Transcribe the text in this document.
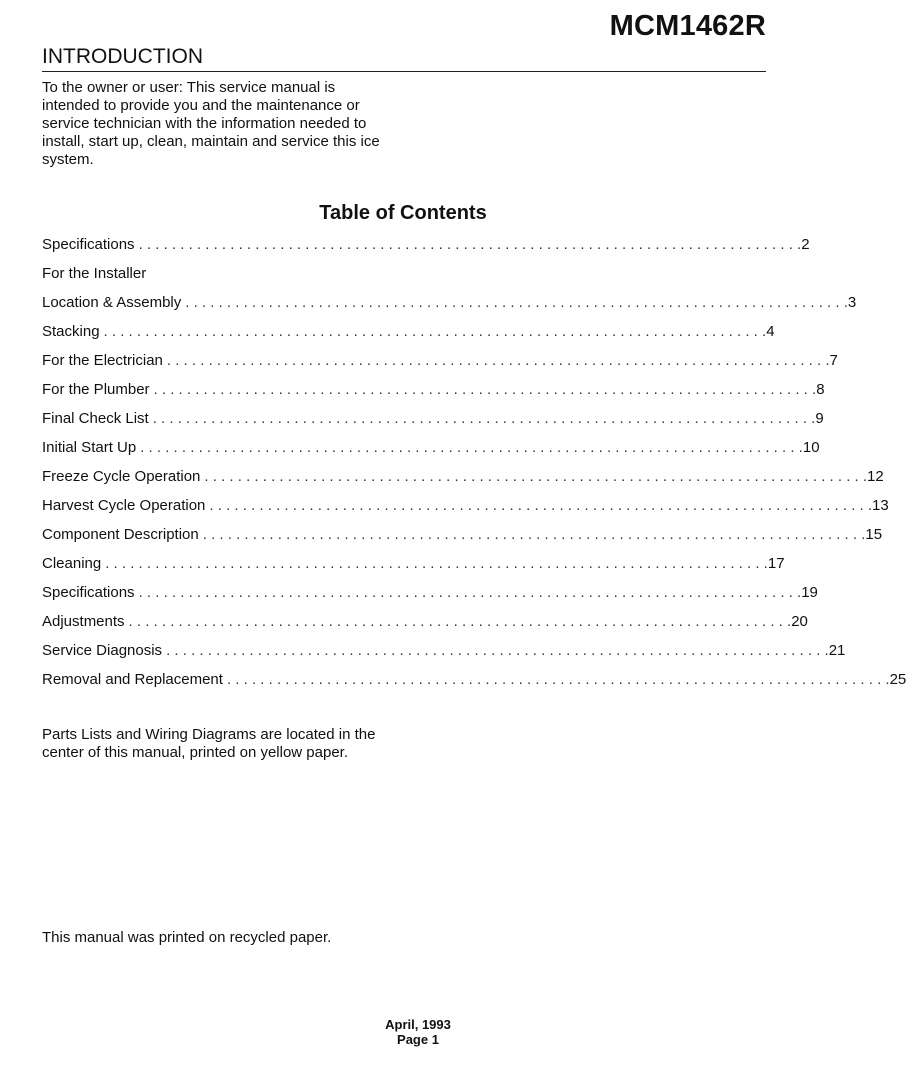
MCM1462R
INTRODUCTION

To the owner or user: This service manual is intended to provide you and the maintenance or service technician with the information needed to install, start up, clean, maintain and service this ice system.

Table of Contents
Specifications . . . . . . . . . . . . . . . . . . . . . . . . . . . . . . . . . . . . . . . . . . . . . . . . . . . . . . . . . . . . . . . . . . . . . . . . . . . . . . . . 2
For the Installer
Location & Assembly . . . . . . . . . . . . . . . . . . . . . . . . . . . . . . . . . . . . . . . . . . . . . . . . . . . . . . . . . . . . . . . . . . . . . . . . . . . . . . . . 3
Stacking . . . . . . . . . . . . . . . . . . . . . . . . . . . . . . . . . . . . . . . . . . . . . . . . . . . . . . . . . . . . . . . . . . . . . . . . . . . . . . . . 4
For the Electrician . . . . . . . . . . . . . . . . . . . . . . . . . . . . . . . . . . . . . . . . . . . . . . . . . . . . . . . . . . . . . . . . . . . . . . . . . . . . . . . . 7
For the Plumber . . . . . . . . . . . . . . . . . . . . . . . . . . . . . . . . . . . . . . . . . . . . . . . . . . . . . . . . . . . . . . . . . . . . . . . . . . . . . . . . 8
Final Check List . . . . . . . . . . . . . . . . . . . . . . . . . . . . . . . . . . . . . . . . . . . . . . . . . . . . . . . . . . . . . . . . . . . . . . . . . . . . . . . . 9
Initial Start Up . . . . . . . . . . . . . . . . . . . . . . . . . . . . . . . . . . . . . . . . . . . . . . . . . . . . . . . . . . . . . . . . . . . . . . . . . . . . . . . . 10
Freeze Cycle Operation . . . . . . . . . . . . . . . . . . . . . . . . . . . . . . . . . . . . . . . . . . . . . . . . . . . . . . . . . . . . . . . . . . . . . . . . . . . . . . . . 12
Harvest Cycle Operation . . . . . . . . . . . . . . . . . . . . . . . . . . . . . . . . . . . . . . . . . . . . . . . . . . . . . . . . . . . . . . . . . . . . . . . . . . . . . . . . 13
Component Description . . . . . . . . . . . . . . . . . . . . . . . . . . . . . . . . . . . . . . . . . . . . . . . . . . . . . . . . . . . . . . . . . . . . . . . . . . . . . . . . 15
Cleaning . . . . . . . . . . . . . . . . . . . . . . . . . . . . . . . . . . . . . . . . . . . . . . . . . . . . . . . . . . . . . . . . . . . . . . . . . . . . . . . . 17
Specifications . . . . . . . . . . . . . . . . . . . . . . . . . . . . . . . . . . . . . . . . . . . . . . . . . . . . . . . . . . . . . . . . . . . . . . . . . . . . . . . . 19
Adjustments . . . . . . . . . . . . . . . . . . . . . . . . . . . . . . . . . . . . . . . . . . . . . . . . . . . . . . . . . . . . . . . . . . . . . . . . . . . . . . . . 20
Service Diagnosis . . . . . . . . . . . . . . . . . . . . . . . . . . . . . . . . . . . . . . . . . . . . . . . . . . . . . . . . . . . . . . . . . . . . . . . . . . . . . . . . 21
Removal and Replacement . . . . . . . . . . . . . . . . . . . . . . . . . . . . . . . . . . . . . . . . . . . . . . . . . . . . . . . . . . . . . . . . . . . . . . . . . . . . . . . . 25

Parts Lists and Wiring Diagrams are located in the center of this manual, printed on yellow paper.

This manual was printed on recycled paper.

April, 1993
Page 1
